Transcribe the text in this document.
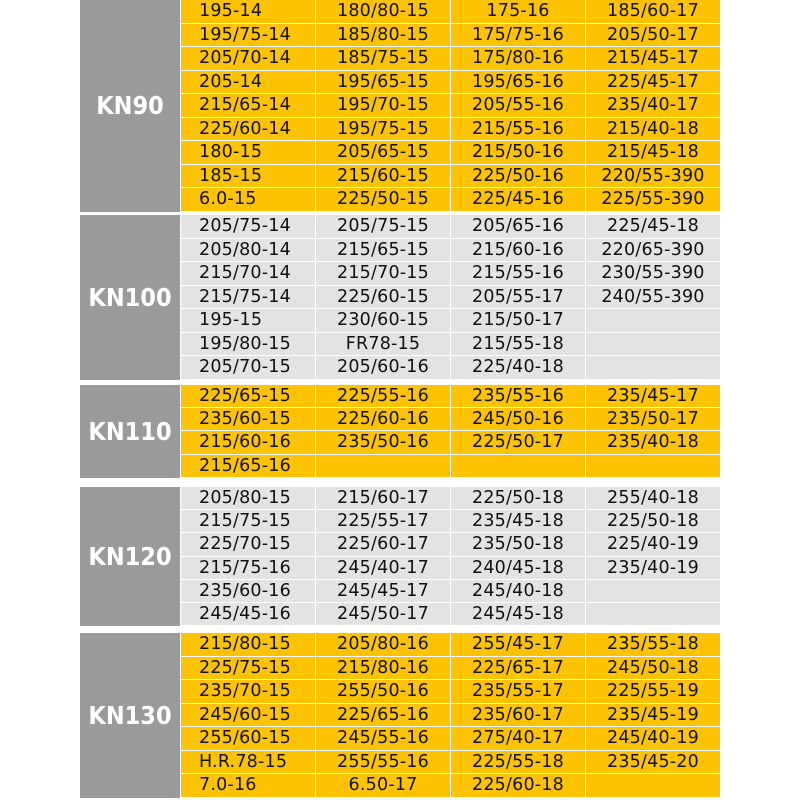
KN90
195-14	180/80-15	175-16	185/60-17
195/75-14	185/80-15	175/75-16	205/50-17
205/70-14	185/75-15	175/80-16	215/45-17
205-14	195/65-15	195/65-16	225/45-17
215/65-14	195/70-15	205/55-16	235/40-17
225/60-14	195/75-15	215/55-16	215/40-18
180-15	205/65-15	215/50-16	215/45-18
185-15	215/60-15	225/50-16	220/55-390
6.0-15	225/50-15	225/45-16	225/55-390
KN100
205/75-14	205/75-15	205/65-16	225/45-18
205/80-14	215/65-15	215/60-16	220/65-390
215/70-14	215/70-15	215/55-16	230/55-390
215/75-14	225/60-15	205/55-17	240/55-390
195-15	230/60-15	215/50-17
195/80-15	FR78-15	215/55-18
205/70-15	205/60-16	225/40-18
KN110
225/65-15	225/55-16	235/55-16	235/45-17
235/60-15	225/60-16	245/50-16	235/50-17
215/60-16	235/50-16	225/50-17	235/40-18
215/65-16
KN120
205/80-15	215/60-17	225/50-18	255/40-18
215/75-15	225/55-17	235/45-18	225/50-18
225/70-15	225/60-17	235/50-18	225/40-19
215/75-16	245/40-17	240/45-18	235/40-19
235/60-16	245/45-17	245/40-18
245/45-16	245/50-17	245/45-18
KN130
215/80-15	205/80-16	255/45-17	235/55-18
225/75-15	215/80-16	225/65-17	245/50-18
235/70-15	255/50-16	235/55-17	225/55-19
245/60-15	225/65-16	235/60-17	235/45-19
255/60-15	245/55-16	275/40-17	245/40-19
H.R.78-15	255/55-16	225/55-18	235/45-20
7.0-16	6.50-17	225/60-18
